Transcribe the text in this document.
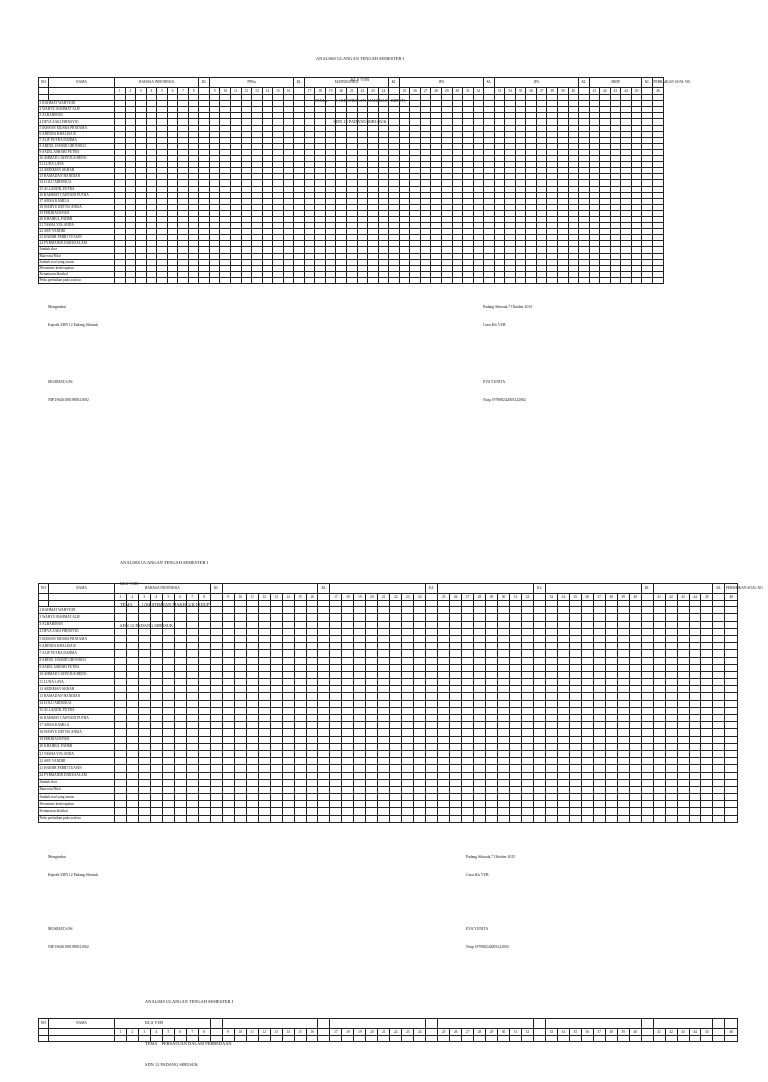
ANALISIS ULANGAN TENGAH SEMESTER I

KLS VI/B

TEMA      : 1 (KESTIMEAN MAKHLUK HIDUP)

SDN 12 PADANG SIBUSUK

NO	NAMA	BAHASA INDONESIA								KL	PPKn								KL	MATEMATIKA								KL	IPA								KL	IPS								KL	SBDP					KL	PERBAIKAN SOAL NO
		1	2	3	4	5	6	7	8		9	10	11	12	13	14	15	16		17	18	19	20	21	22	23	24		25	26	27	28	29	30	31	32		33	34	35	36	37	38	39	40		41	42	43	44	45		46

1 RAHMAT WAHYUDI																																																					
2 WAHYU RAHMAT ALIF																																																					
3 ALRAHMAN																																																					
4 DEVA ZAKI FIRNSYIO																																																					
5 IKHSAN MUSRA PRATAMA																																																					
6 ADINDA KHALISA R																																																					
7 ALIF PUTRA DAHMA																																																					
8 ABDUL HAMID GHONIUSJ																																																					
9 SADIL ASHARI PUTRA																																																					
10 AHMAD CAHYOUS REDO																																																					
11 LUNA LAYA																																																					
12 ARDIMAN AKBAR																																																					
13 RAMADAN HANDIAN																																																					
14 LOLU ARIMAUA																																																					
15 ALLANDIL PUTRA																																																					
16 RAHMAT CAHYADI PUTRA																																																					
17 AMSA KAMILA																																																					
18 WAHYU RETNO ANISA																																																					
19 FERDIANSYAH																																																					
20 KHAIRUL FAHMI																																																					
21 TASHA YOLANDA																																																					
22 ARY VANDRI																																																					
23 HAIDIR FEBRI TUASIN																																																					
24 FYRMANDI DARUSALAM																																																					
Jumlah skor																																																					
Rata-rata/Nilai																																																					
Jumlah soal yang tuntas																																																					
Persentase ketercapaian																																																					
Ketuntasan klasikal																																																					
Perlu perbaikan pada soal no																																																					

Mengetahui

Kepsek SDN 12 Padang Sibusuk

MUSRIAT,S.Pd

NIP.196201081985021002

Padang Sibusuk,7 Oktober 2015

Guru Kls VI/B

EVA YUNITA

Nuip 197908242003122002

ANALISIS ULANGAN TENGAH SEMESTER I

KLS VI/B

TEMA      : 1 (KESTIMEAN MAKHLUK HIDUP)

SDN 12 PADANG SIBUSUK

NO	NAMA	BAHASA INDONESIA								KL									KL									KL									KL									KL						KL	PERBAIKAN SOAL NO
		1	2	3	4	5	6	7	8		9	10	11	12	13	14	15	16		17	18	19	20	21	22	23	24		25	26	27	28	29	30	31	32		33	34	35	36	37	38	39	40		41	42	43	44	45		46

1 RAHMAT WAHYUDI																																																					
2 WAHYU RAHMAT ALIF																																																					
3 ALRAHMAN																																																					
4 DEVA ZAKI FIRNSYIO																																																					
5 IKHSAN MUSRA PRATAMA																																																					
6 ADINDA KHALISA R																																																					
7 ALIF PUTRA DAHMA																																																					
8 ABDUL HAMID GHONIUSJ																																																					
9 SADIL ASHARI PUTRA																																																					
10 AHMAD CAHYOUS REDO																																																					
11 LUNA LAYA																																																					
12 ARDIMAN AKBAR																																																					
13 RAMADAN HANDIAN																																																					
14 LOLU ARIMAUA																																																					
15 ALLANDIL PUTRA																																																					
16 RAHMAT CAHYADI PUTRA																																																					
17 AMSA KAMILA																																																					
18 WAHYU RETNO ANISA																																																					
19 FERDIANSYAH																																																					
20 KHAIRUL FAHMI																																																					
21 TASHA YOLANDA																																																					
22 ARY VANDRI																																																					
23 HAIDIR FEBRI TUASIN																																																					
24 FYRMANDI DARUSALAM																																																					
Jumlah skor																																																					
Rata-rata/Nilai																																																					
Jumlah soal yang tuntas																																																					
Persentase ketercapaian																																																					
Ketuntasan klasikal																																																					
Perlu perbaikan pada soal no																																																					

Mengetahui

Kepsek SDN 12 Padang Sibusuk

MUSRIAT,S.Pd

NIP.196201081985021002

Padang Sibusuk,7 Oktober 2015

Guru Kls VI/B

EVA YUNITA

Nuip 197908242003122002

ANALISIS ULANGAN TENGAH SEMESTER I

KLS VI/B

TEMA    PERSATUAN DALAM PERBEDAAN

SDN 12 PADANG SIBUSUK

NO	NAMA																																																				
		1	2	3	4	5	6	7	8		9	10	11	12	13	14	15	16		17	18	19	20	21	22	23	24		25	26	27	28	29	30	31	32		33	34	35	36	37	38	39	40		41	42	43	44	45		46
